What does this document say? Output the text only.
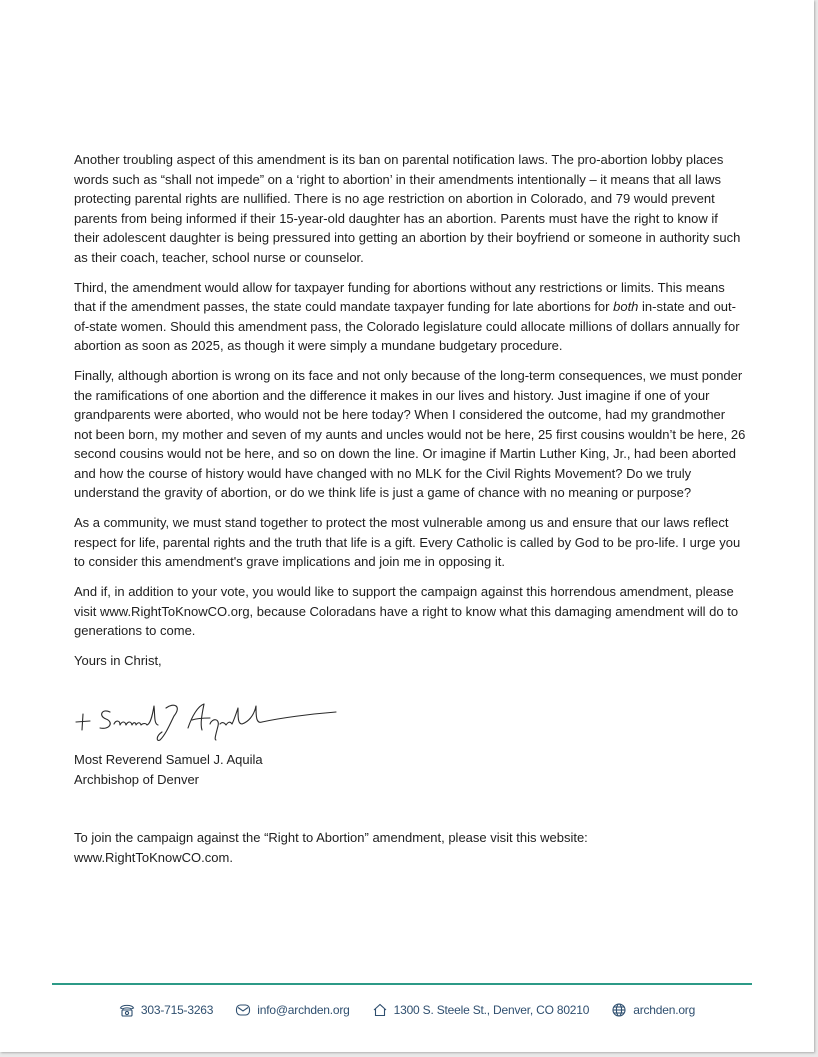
Another troubling aspect of this amendment is its ban on parental notification laws. The pro-abortion lobby places words such as “shall not impede” on a ‘right to abortion’ in their amendments intentionally – it means that all laws protecting parental rights are nullified. There is no age restriction on abortion in Colorado, and 79 would prevent parents from being informed if their 15-year-old daughter has an abortion. Parents must have the right to know if their adolescent daughter is being pressured into getting an abortion by their boyfriend or someone in authority such as their coach, teacher, school nurse or counselor.

Third, the amendment would allow for taxpayer funding for abortions without any restrictions or limits. This means that if the amendment passes, the state could mandate taxpayer funding for late abortions for both in-state and out-of-state women. Should this amendment pass, the Colorado legislature could allocate millions of dollars annually for abortion as soon as 2025, as though it were simply a mundane budgetary procedure.

Finally, although abortion is wrong on its face and not only because of the long-term consequences, we must ponder the ramifications of one abortion and the difference it makes in our lives and history. Just imagine if one of your grandparents were aborted, who would not be here today? When I considered the outcome, had my grandmother not been born, my mother and seven of my aunts and uncles would not be here, 25 first cousins wouldn’t be here, 26 second cousins would not be here, and so on down the line. Or imagine if Martin Luther King, Jr., had been aborted and how the course of history would have changed with no MLK for the Civil Rights Movement? Do we truly understand the gravity of abortion, or do we think life is just a game of chance with no meaning or purpose?

As a community, we must stand together to protect the most vulnerable among us and ensure that our laws reflect respect for life, parental rights and the truth that life is a gift. Every Catholic is called by God to be pro-life. I urge you to consider this amendment's grave implications and join me in opposing it.

And if, in addition to your vote, you would like to support the campaign against this horrendous amendment, please visit www.RightToKnowCO.org, because Coloradans have a right to know what this damaging amendment will do to generations to come.

Yours in Christ,

Most Reverend Samuel J. Aquila
Archbishop of Denver
To join the campaign against the “Right to Abortion” amendment, please visit this website:
www.RightToKnowCO.com.
303-715-3263	info@archden.org	1300 S. Steele St., Denver, CO 80210	archden.org
